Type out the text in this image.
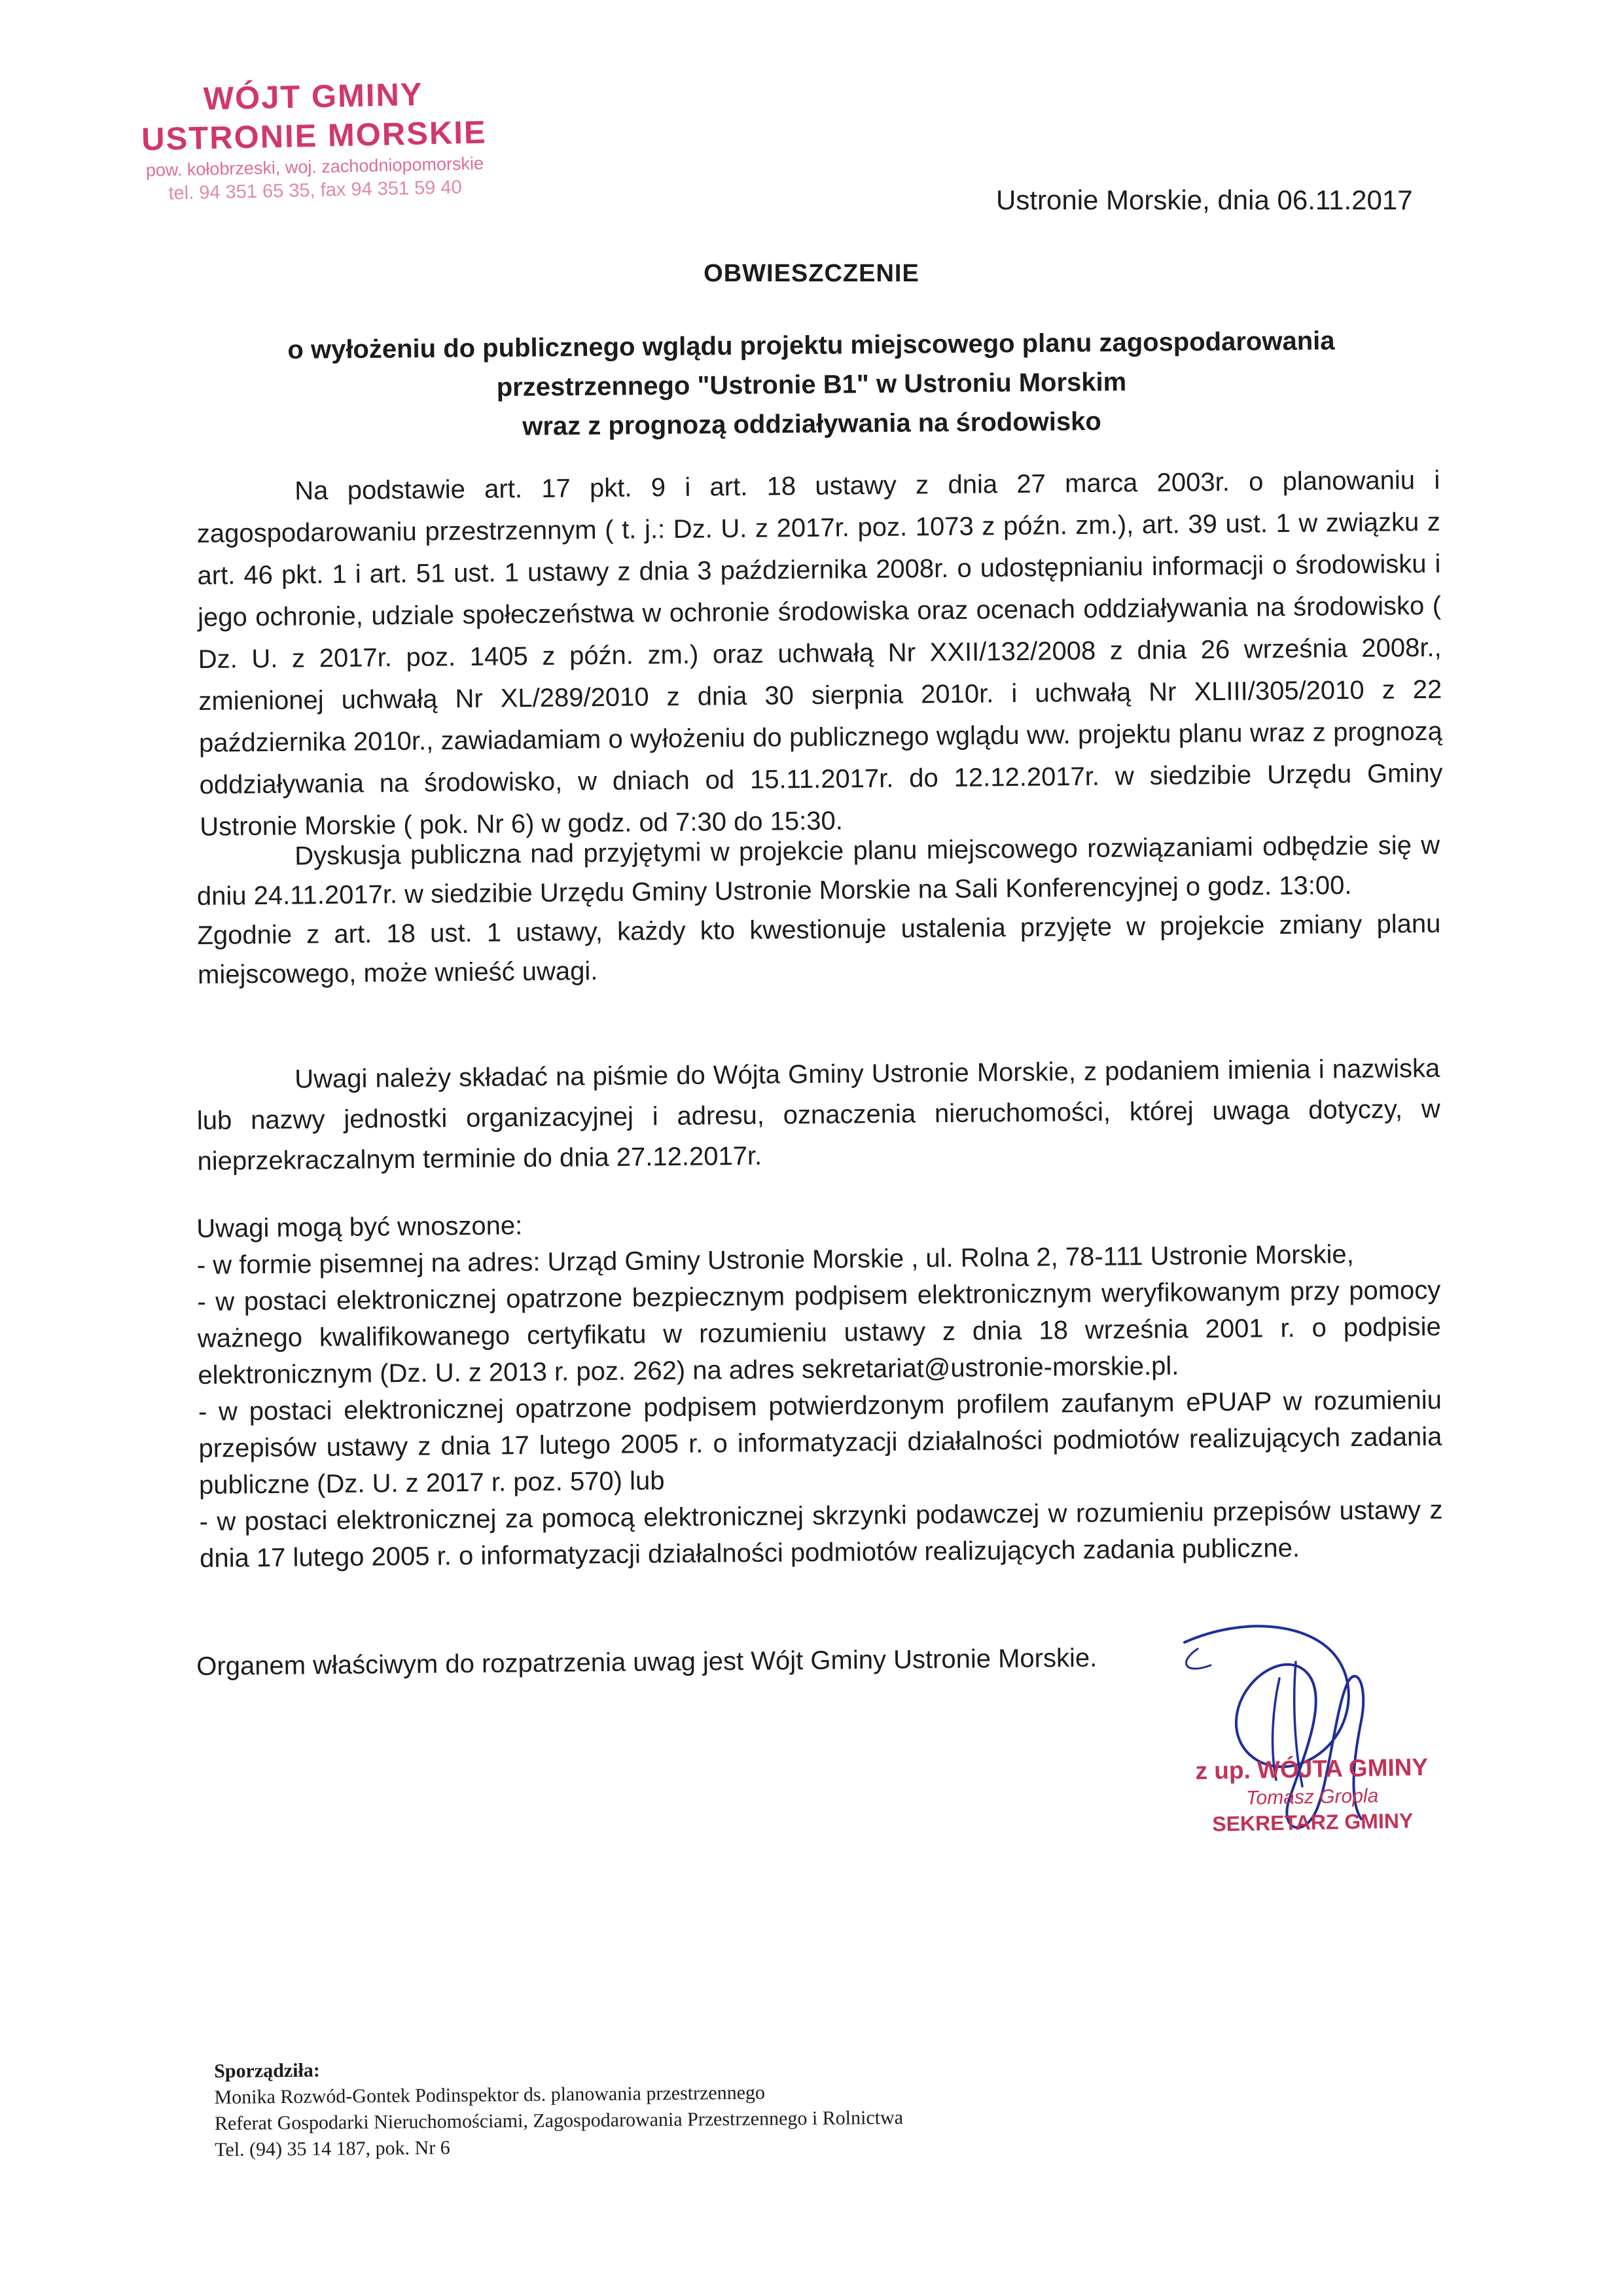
WÓJT GMINY
USTRONIE MORSKIE
pow. kołobrzeski, woj. zachodniopomorskie
tel. 94 351 65 35, fax 94 351 59 40	Ustronie Morskie, dnia 06.11.2017
OBWIESZCZENIE
o wyłożeniu do publicznego wglądu projektu miejscowego planu zagospodarowania
przestrzennego "Ustronie B1" w Ustroniu Morskim
wraz z prognozą oddziaływania na środowisko

Na podstawie art. 17 pkt. 9 i art. 18 ustawy z dnia 27 marca 2003r. o planowaniu i zagospodarowaniu przestrzennym ( t. j.: Dz. U. z 2017r. poz. 1073 z późn. zm.), art. 39 ust. 1 w związku z art. 46 pkt. 1 i art. 51 ust. 1 ustawy z dnia 3 października 2008r. o udostępnianiu informacji o środowisku i jego ochronie, udziale społeczeństwa w ochronie środowiska oraz ocenach oddziaływania na środowisko ( Dz. U. z 2017r. poz. 1405 z późn. zm.) oraz uchwałą Nr XXII/132/2008 z dnia 26 września 2008r., zmienionej uchwałą Nr XL/289/2010 z dnia 30 sierpnia 2010r. i uchwałą Nr XLIII/305/2010 z 22 października 2010r., zawiadamiam o wyłożeniu do publicznego wglądu ww. projektu planu wraz z prognozą oddziaływania na środowisko, w dniach od 15.11.2017r. do 12.12.2017r. w siedzibie Urzędu Gminy Ustronie Morskie ( pok. Nr 6) w godz. od 7:30 do 15:30.

Dyskusja publiczna nad przyjętymi w projekcie planu miejscowego rozwiązaniami odbędzie się w dniu 24.11.2017r. w siedzibie Urzędu Gminy Ustronie Morskie na Sali Konferencyjnej o godz. 13:00.

Zgodnie z art. 18 ust. 1 ustawy, każdy kto kwestionuje ustalenia przyjęte w projekcie zmiany planu miejscowego, może wnieść uwagi.

Uwagi należy składać na piśmie do Wójta Gminy Ustronie Morskie, z podaniem imienia i nazwiska lub nazwy jednostki organizacyjnej i adresu, oznaczenia nieruchomości, której uwaga dotyczy, w nieprzekraczalnym terminie do dnia 27.12.2017r.

Uwagi mogą być wnoszone:

- w formie pisemnej na adres: Urząd Gminy Ustronie Morskie , ul. Rolna 2, 78-111 Ustronie Morskie,

- w postaci elektronicznej opatrzone bezpiecznym podpisem elektronicznym weryfikowanym przy pomocy ważnego kwalifikowanego certyfikatu w rozumieniu ustawy z dnia 18 września 2001 r. o podpisie elektronicznym (Dz. U. z 2013 r. poz. 262) na adres sekretariat@ustronie-morskie.pl.

- w postaci elektronicznej opatrzone podpisem potwierdzonym profilem zaufanym ePUAP w rozumieniu przepisów ustawy z dnia 17 lutego 2005 r. o informatyzacji działalności podmiotów realizujących zadania publiczne (Dz. U. z 2017 r. poz. 570) lub

- w postaci elektronicznej za pomocą elektronicznej skrzynki podawczej w rozumieniu przepisów ustawy z dnia 17 lutego 2005 r. o informatyzacji działalności podmiotów realizujących zadania publiczne.

Organem właściwym do rozpatrzenia uwag jest Wójt Gminy Ustronie Morskie.

z up. WÓJTA GMINY
Tomasz Gropla
SEKRETARZ GMINY
Sporządziła:
Monika Rozwód-Gontek Podinspektor ds. planowania przestrzennego
Referat Gospodarki Nieruchomościami, Zagospodarowania Przestrzennego i Rolnictwa
Tel. (94) 35 14 187, pok. Nr 6
